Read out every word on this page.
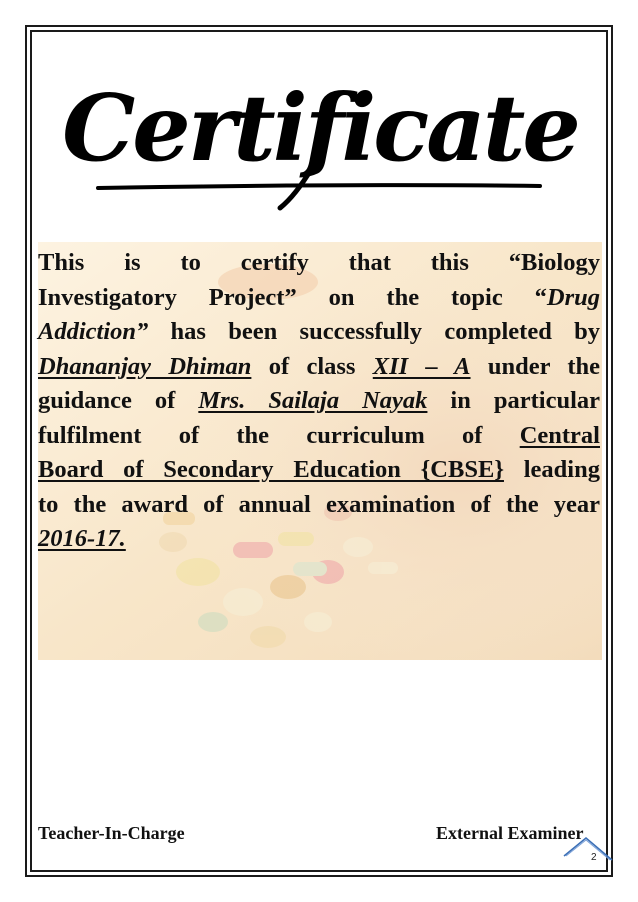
Certificate
This is to certify that this “Biology
Investigatory Project” on the topic “Drug
Addiction” has been successfully completed by
Dhananjay Dhiman of class XII – A under the
guidance of Mrs. Sailaja Nayak in particular
fulfilment of the curriculum of Central
Board of Secondary Education {CBSE} leading
to the award of annual examination of the year
2016-17.
Teacher-In-Charge	External Examiner
2
